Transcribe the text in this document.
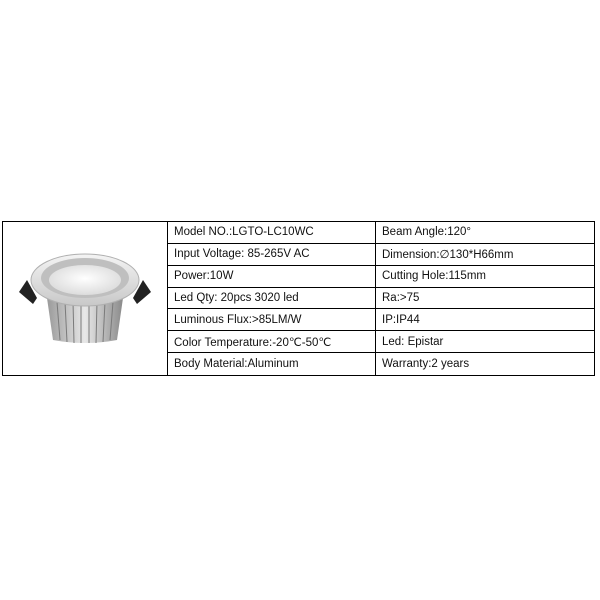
Model NO.:LGTO-LC10WC	Beam Angle:120°
Input Voltage: 85-265V AC	Dimension:∅130*H66mm
Power:10W	Cutting Hole:115mm
Led Qty: 20pcs 3020 led	Ra:>75
Luminous Flux:>85LM/W	IP:IP44
Color Temperature:-20℃-50℃	Led: Epistar
Body Material:Aluminum	Warranty:2 years
